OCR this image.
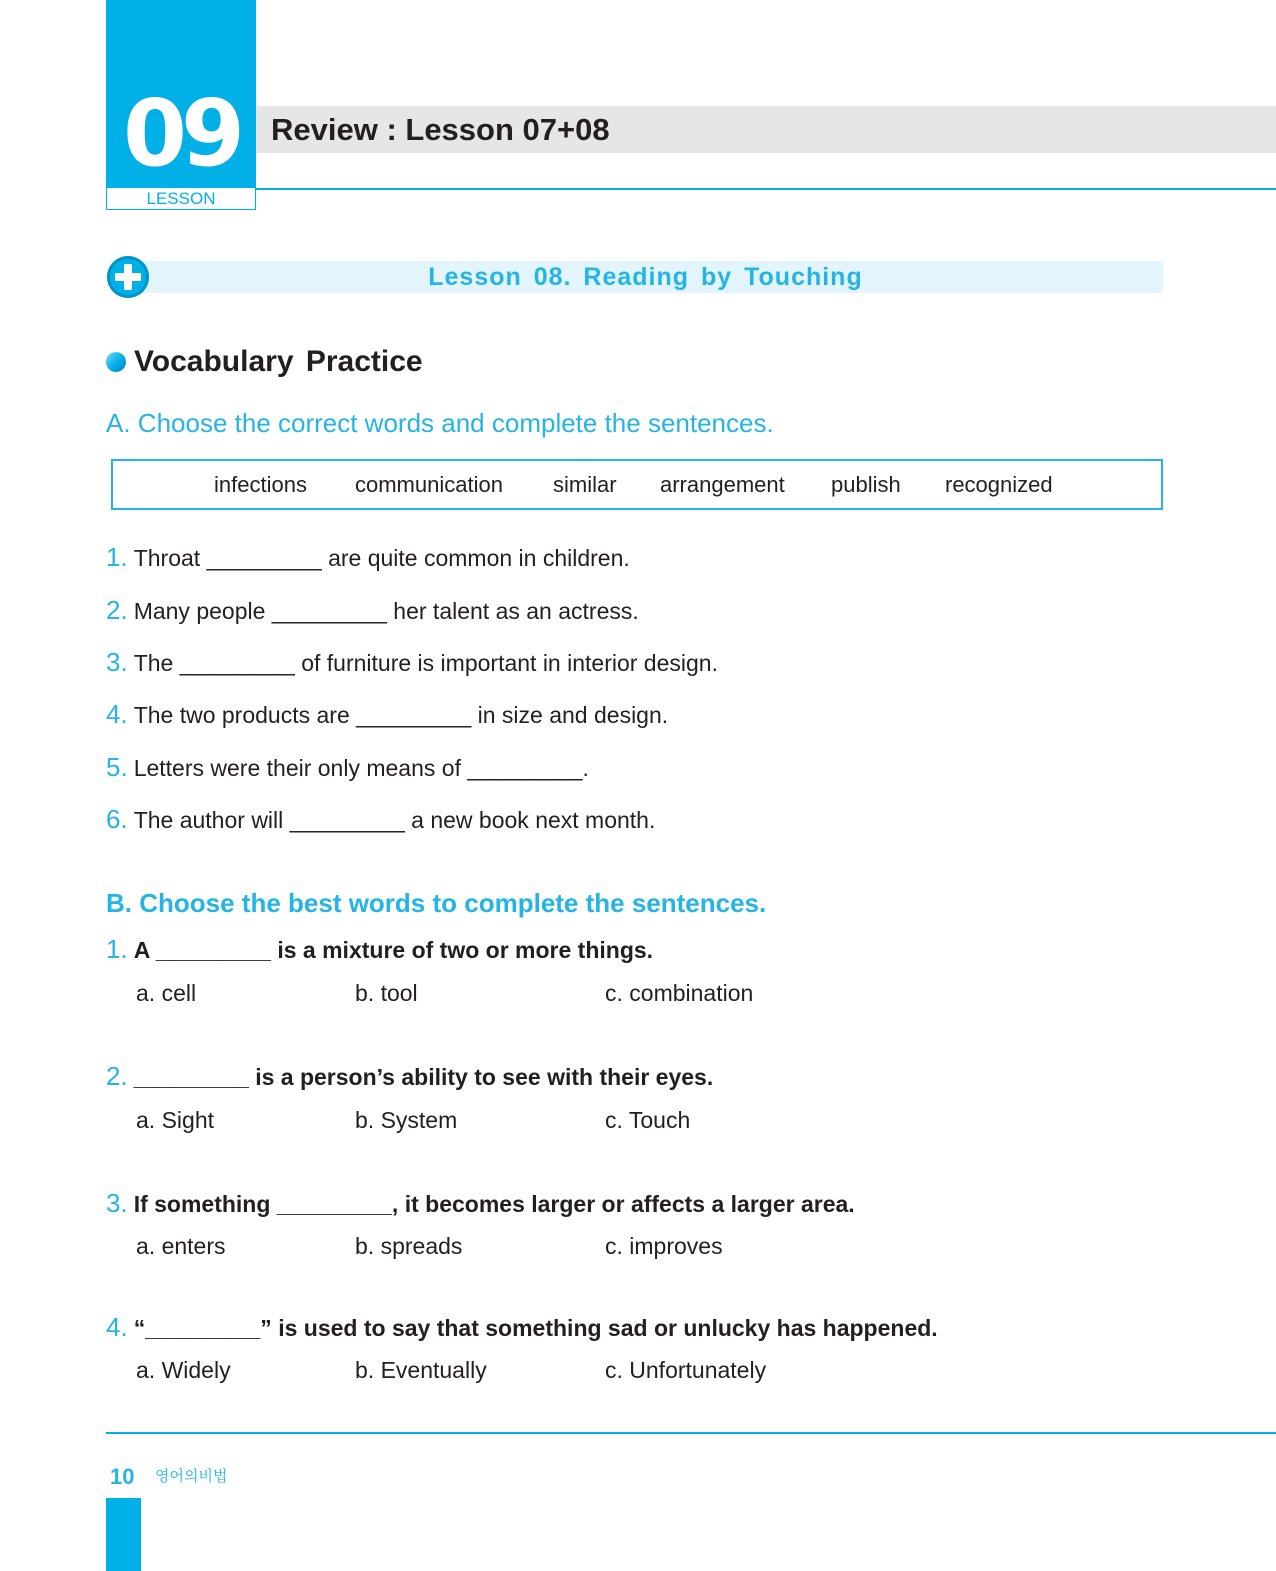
09
LESSON
Review : Lesson 07+08
Lesson 08. Reading by Touching
Vocabulary Practice
A. Choose the correct words and complete the sentences.
infections communication similar arrangement publish recognized
1. Throat _________ are quite common in children.
2. Many people _________ her talent as an actress.
3. The _________ of furniture is important in interior design.
4. The two products are _________ in size and design.
5. Letters were their only means of _________.
6. The author will _________ a new book next month.
B. Choose the best words to complete the sentences.
1. A _________ is a mixture of two or more things.
a. cell	b. tool	c. combination
2. _________ is a person’s ability to see with their eyes.
a. Sight	b. System	c. Touch
3. If something _________, it becomes larger or affects a larger area.
a. enters	b. spreads	c. improves
4. “_________” is used to say that something sad or unlucky has happened.
a. Widely	b. Eventually	c. Unfortunately
10 영어의비법
